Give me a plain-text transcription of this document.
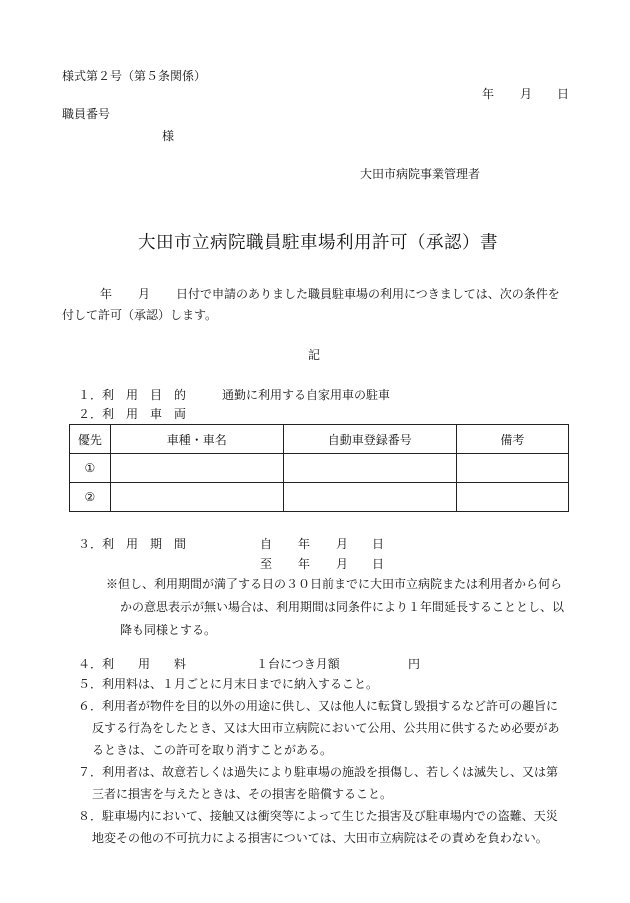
様式第２号（第５条関係）
年 月 日
職員番号
様
大田市病院事業管理者
大田市立病院職員駐車場利用許可（承認）書
年 月 日付で申請のありました職員駐車場の利用につきましては、次の条件を
付して許可（承認）します。
記
１．利　用　目　的	通勤に利用する自家用車の駐車
２．利　用　車　両
優先	車種・車名	自動車登録番号	備考
①			
②			
３．利　用　期　間	自 年 月 日
至 年 月 日
※但し、利用期間が満了する日の３０日前までに大田市立病院または利用者から何ら
かの意思表示が無い場合は、利用期間は同条件により１年間延長することとし、以
降も同様とする。
４．利　　用　　料	１台につき月額	円
５．利用料は、１月ごとに月末日までに納入すること。
６．利用者が物件を目的以外の用途に供し、又は他人に転貸し毀損するなど許可の趣旨に
反する行為をしたとき、又は大田市立病院において公用、公共用に供するため必要があ
るときは、この許可を取り消すことがある。
７．利用者は、故意若しくは過失により駐車場の施設を損傷し、若しくは滅失し、又は第
三者に損害を与えたときは、その損害を賠償すること。
８．駐車場内において、接触又は衝突等によって生じた損害及び駐車場内での盗難、天災
地変その他の不可抗力による損害については、大田市立病院はその責めを負わない。
